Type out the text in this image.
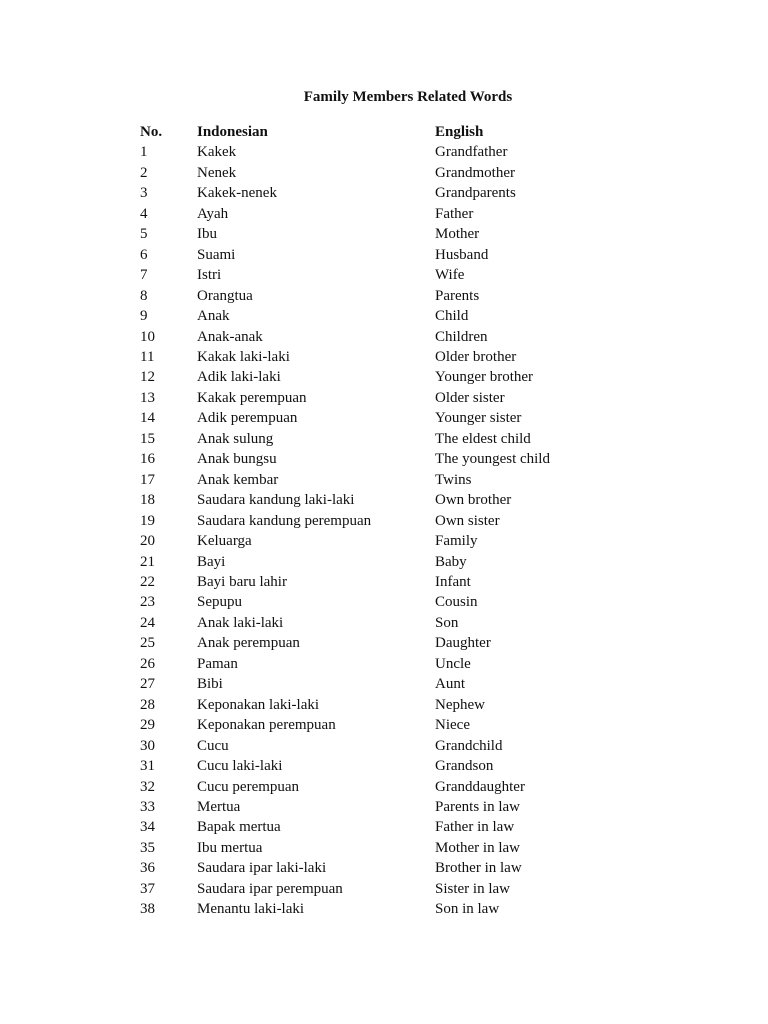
Family Members Related Words
No.	Indonesian	English
1	Kakek	Grandfather
2	Nenek	Grandmother
3	Kakek-nenek	Grandparents
4	Ayah	Father
5	Ibu	Mother
6	Suami	Husband
7	Istri	Wife
8	Orangtua	Parents
9	Anak	Child
10	Anak-anak	Children
11	Kakak laki-laki	Older brother
12	Adik laki-laki	Younger brother
13	Kakak perempuan	Older sister
14	Adik perempuan	Younger sister
15	Anak sulung	The eldest child
16	Anak bungsu	The youngest child
17	Anak kembar	Twins
18	Saudara kandung laki-laki	Own brother
19	Saudara kandung perempuan	Own sister
20	Keluarga	Family
21	Bayi	Baby
22	Bayi baru lahir	Infant
23	Sepupu	Cousin
24	Anak laki-laki	Son
25	Anak perempuan	Daughter
26	Paman	Uncle
27	Bibi	Aunt
28	Keponakan laki-laki	Nephew
29	Keponakan perempuan	Niece
30	Cucu	Grandchild
31	Cucu laki-laki	Grandson
32	Cucu perempuan	Granddaughter
33	Mertua	Parents in law
34	Bapak mertua	Father in law
35	Ibu mertua	Mother in law
36	Saudara ipar laki-laki	Brother in law
37	Saudara ipar perempuan	Sister in law
38	Menantu laki-laki	Son in law
